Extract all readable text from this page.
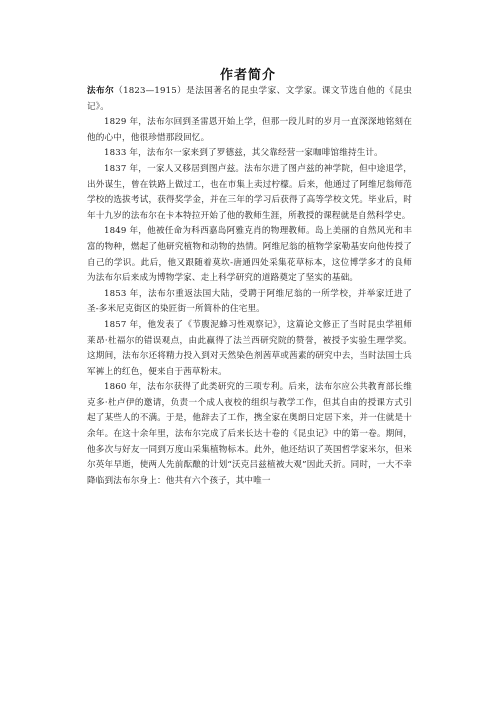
作者简介

法布尔（1823—1915）是法国著名的昆虫学家、文学家。课文节选自他的《昆虫记》。

1829 年，法布尔回到圣雷恩开始上学，但那一段儿时的岁月一直深深地铭刻在他的心中，他很珍惜那段回忆。

1833 年，法布尔一家来到了罗德兹，其父靠经营一家咖啡馆维持生计。

1837 年，一家人又移居到图卢兹。法布尔进了图卢兹的神学院，但中途退学，出外谋生，曾在铁路上做过工，也在市集上卖过柠檬。后来，他通过了阿维尼翁师范学校的选拔考试，获得奖学金，并在三年的学习后获得了高等学校文凭。毕业后，时年十九岁的法布尔在卡本特拉开始了他的教师生涯，所教授的课程就是自然科学史。

1849 年，他被任命为科西嘉岛阿雅克肖的物理教师。岛上美丽的自然风光和丰富的物种，燃起了他研究植物和动物的热情。阿维尼翁的植物学家勒基安向他传授了自己的学识。此后，他又跟随着莫坎-唐通四处采集花草标本，这位博学多才的良师为法布尔后来成为博物学家、走上科学研究的道路奠定了坚实的基础。

1853 年，法布尔重返法国大陆，受聘于阿维尼翁的一所学校，并举家迁进了圣-多米尼克街区的染匠街一所简朴的住宅里。

1857 年，他发表了《节腹泥蜂习性观察记》，这篇论文修正了当时昆虫学祖师莱昂·杜福尔的错误观点，由此赢得了法兰西研究院的赞誉，被授予实验生理学奖。这期间，法布尔还将精力投入到对天然染色剂茜草或茜素的研究中去，当时法国士兵军裤上的红色，便来自于茜草粉末。

1860 年，法布尔获得了此类研究的三项专利。后来，法布尔应公共教育部长维克多·杜卢伊的邀请，负责一个成人夜校的组织与教学工作，但其自由的授课方式引起了某些人的不满。于是，他辞去了工作，携全家在奥朗日定居下来，并一住就是十余年。在这十余年里，法布尔完成了后来长达十卷的《昆虫记》中的第一卷。期间，他多次与好友一同到万度山采集植物标本。此外，他还结识了英国哲学家米尔，但米尔英年早逝，使两人先前酝酿的计划“沃克吕兹植被大观”因此夭折。同时，一大不幸降临到法布尔身上：他共有六个孩子，其中唯一
